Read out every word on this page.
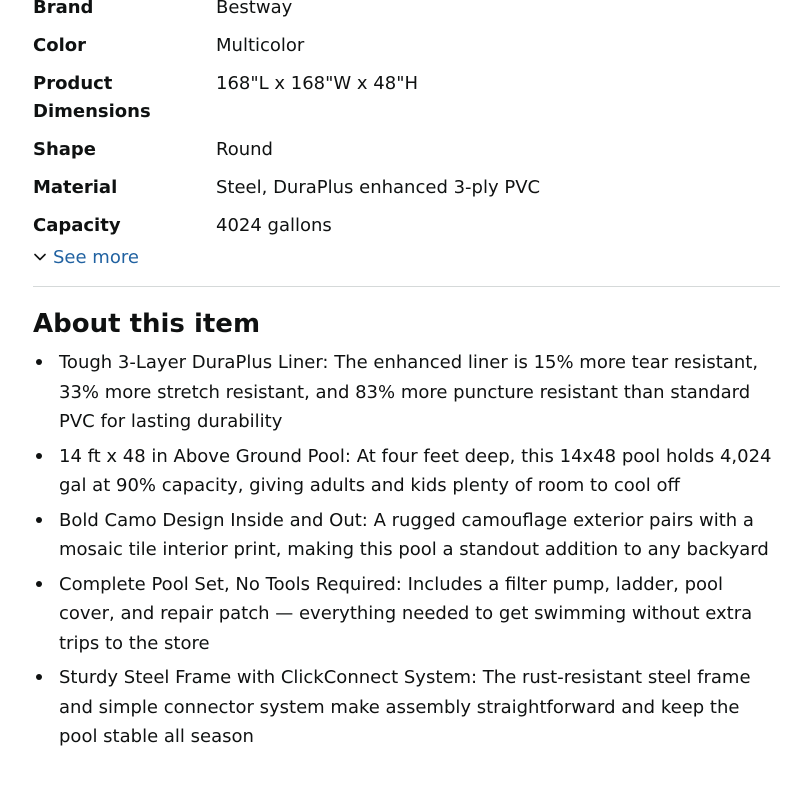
Brand	Bestway
Color	Multicolor
Product Dimensions	168"L x 168"W x 48"H
Shape	Round
Material	Steel, DuraPlus enhanced 3-ply PVC
Capacity	4024 gallons
See more
About this item
Tough 3-Layer DuraPlus Liner: The enhanced liner is 15% more tear resistant, 33% more stretch resistant, and 83% more puncture resistant than standard PVC for lasting durability
14 ft x 48 in Above Ground Pool: At four feet deep, this 14x48 pool holds 4,024 gal at 90% capacity, giving adults and kids plenty of room to cool off
Bold Camo Design Inside and Out: A rugged camouflage exterior pairs with a mosaic tile interior print, making this pool a standout addition to any backyard
Complete Pool Set, No Tools Required: Includes a filter pump, ladder, pool cover, and repair patch — everything needed to get swimming without extra trips to the store
Sturdy Steel Frame with ClickConnect System: The rust-resistant steel frame and simple connector system make assembly straightforward and keep the pool stable all season
